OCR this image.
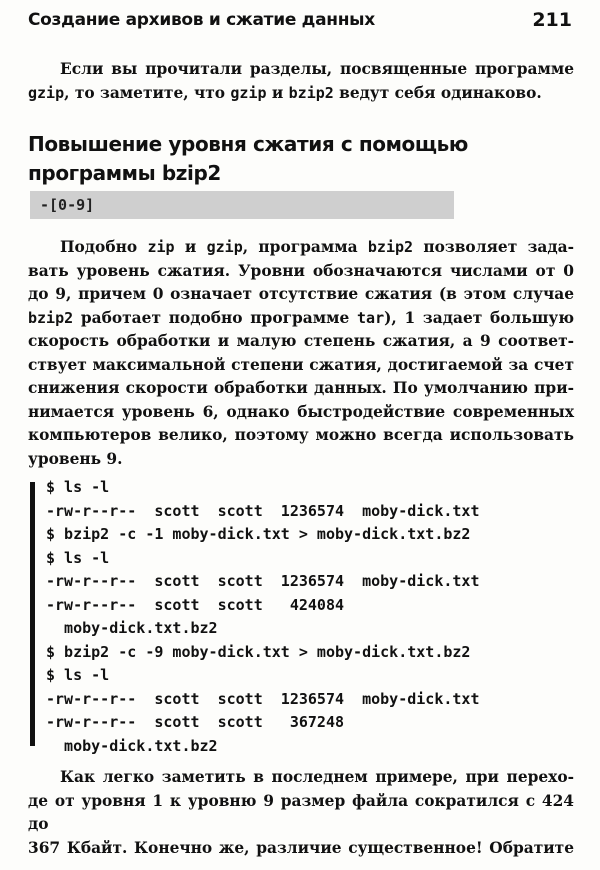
Создание архивов и сжатие данных	211

Если вы прочитали разделы, посвященные программе
gzip, то заметите, что gzip и bzip2 ведут себя одинаково.

Повышение уровня сжатия с помощью
программы bzip2
-[0-9]

Подобно zip и gzip, программа bzip2 позволяет зада-
вать уровень сжатия. Уровни обозначаются числами от 0
до 9, причем 0 означает отсутствие сжатия (в этом случае
bzip2 работает подобно программе tar), 1 задает большую
скорость обработки и малую степень сжатия, а 9 соответ-
ствует максимальной степени сжатия, достигаемой за счет
снижения скорости обработки данных. По умолчанию при-
нимается уровень 6, однако быстродействие современных
компьютеров велико, поэтому можно всегда использовать
уровень 9.

$ ls -l
-rw-r--r--  scott  scott  1236574  moby-dick.txt
$ bzip2 -c -1 moby-dick.txt > moby-dick.txt.bz2
$ ls -l
-rw-r--r--  scott  scott  1236574  moby-dick.txt
-rw-r--r--  scott  scott   424084
moby-dick.txt.bz2
$ bzip2 -c -9 moby-dick.txt > moby-dick.txt.bz2
$ ls -l
-rw-r--r--  scott  scott  1236574  moby-dick.txt
-rw-r--r--  scott  scott   367248
moby-dick.txt.bz2

Как легко заметить в последнем примере, при перехо-
де от уровня 1 к уровню 9 размер файла сократился с 424 до
367 Кбайт. Конечно же, различие существенное! Обратите
